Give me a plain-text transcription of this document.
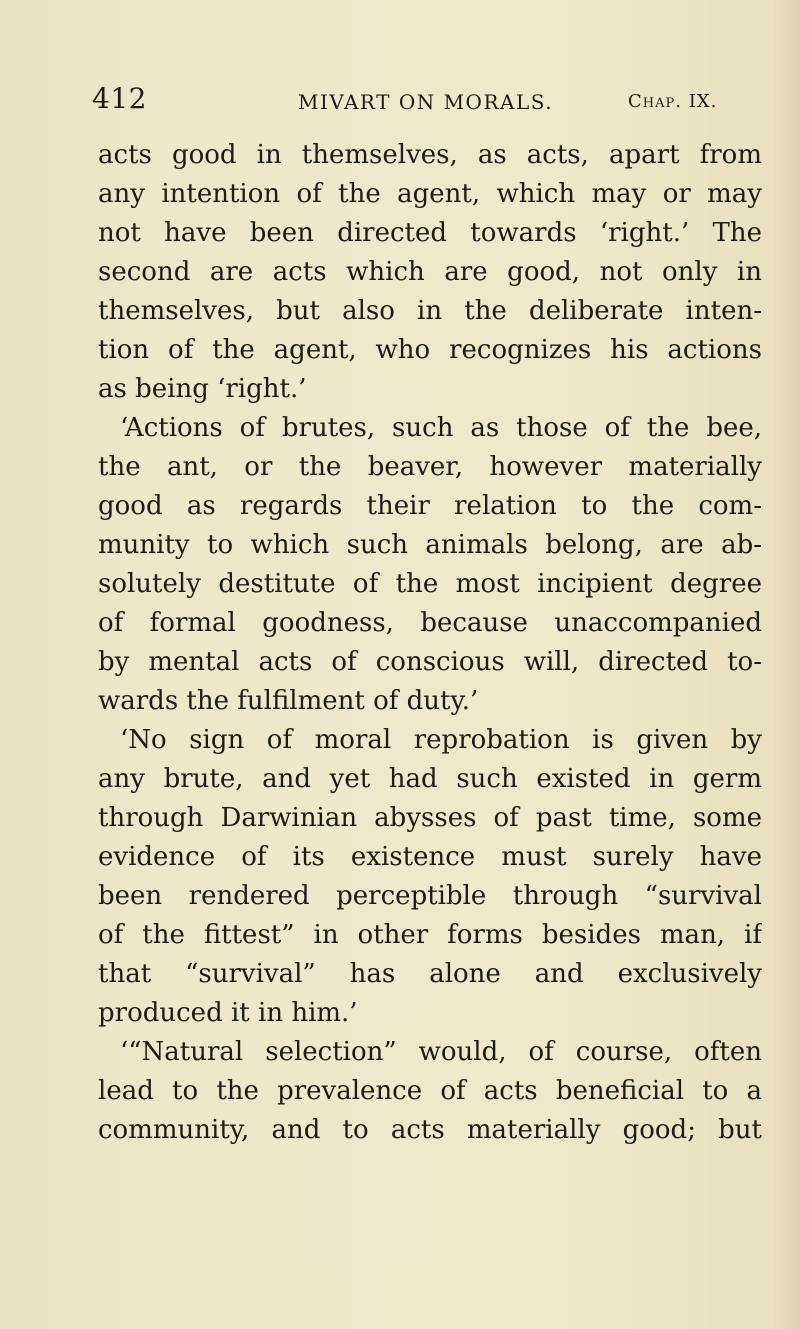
412	MIVART ON MORALS.	Chap. IX.
acts good in themselves, as acts, apart from
any intention of the agent, which may or may
not have been directed towards ‘right.’ The
second are acts which are good, not only in
themselves, but also in the deliberate inten-
tion of the agent, who recognizes his actions
as being ‘right.’
‘Actions of brutes, such as those of the bee,
the ant, or the beaver, however materially
good as regards their relation to the com-
munity to which such animals belong, are ab-
solutely destitute of the most incipient degree
of formal goodness, because unaccompanied
by mental acts of conscious will, directed to-
wards the fulfilment of duty.’
‘No sign of moral reprobation is given by
any brute, and yet had such existed in germ
through Darwinian abysses of past time, some
evidence of its existence must surely have
been rendered perceptible through “survival
of the fittest” in other forms besides man, if
that “survival” has alone and exclusively
produced it in him.’
‘“Natural selection” would, of course, often
lead to the prevalence of acts beneficial to a
community, and to acts materially good; but
